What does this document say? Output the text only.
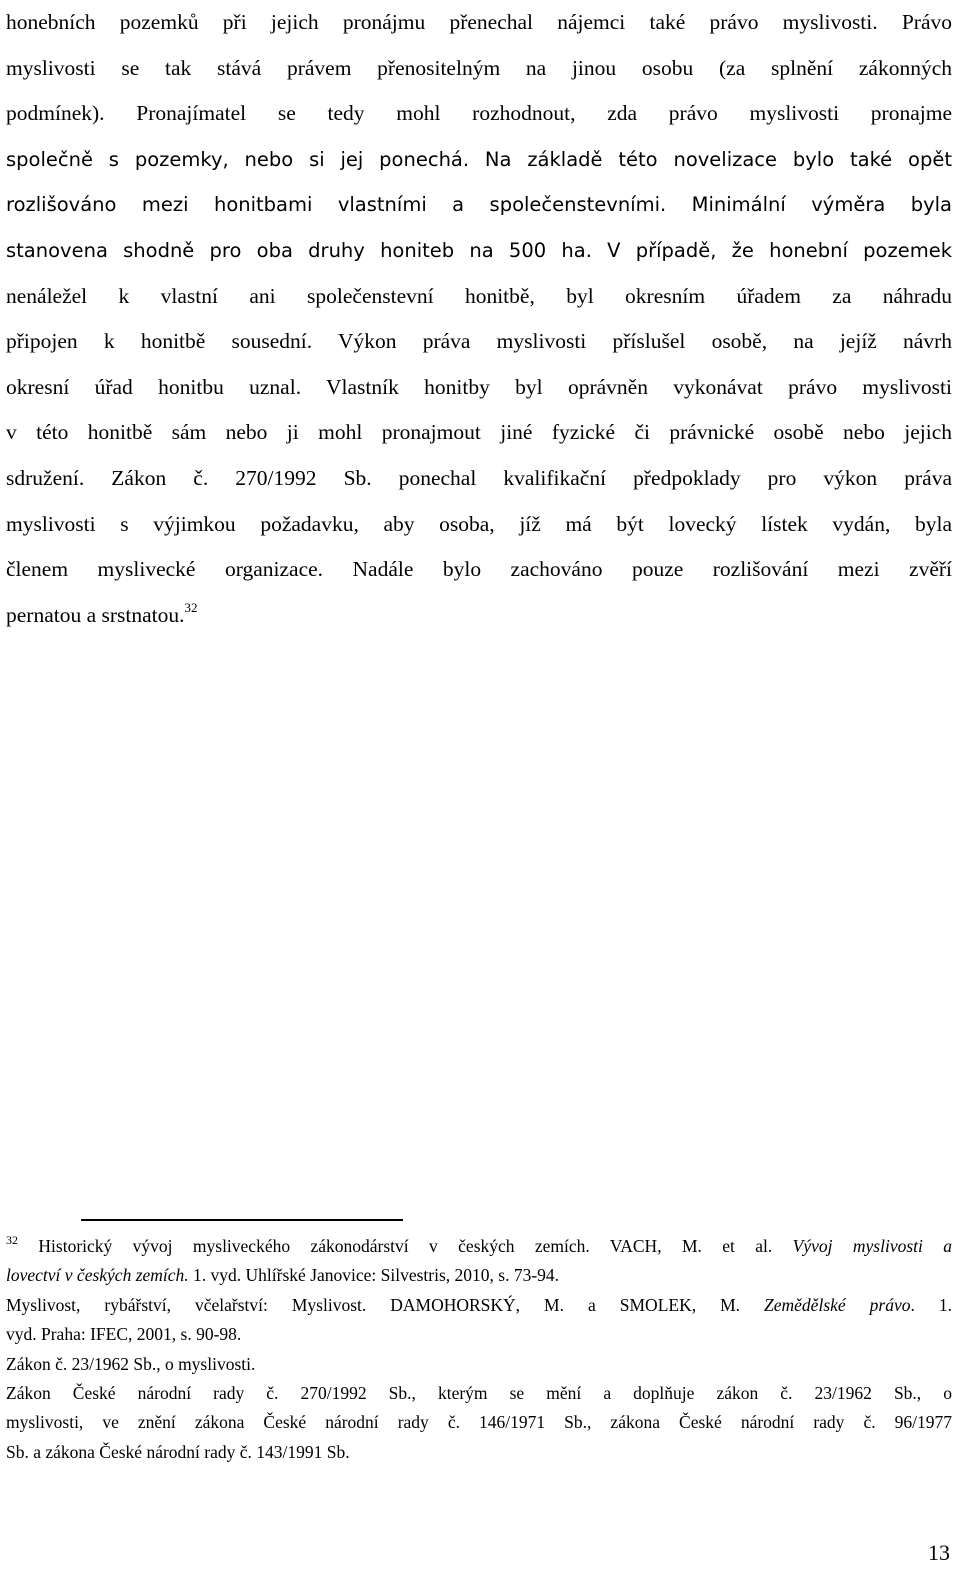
honebních pozemků při jejich pronájmu přenechal nájemci také právo myslivosti. Právo
myslivosti se tak stává právem přenositelným na jinou osobu (za splnění zákonných
podmínek). Pronajímatel se tedy mohl rozhodnout, zda právo myslivosti pronajme
společně s pozemky, nebo si jej ponechá. Na základě této novelizace bylo také opět
rozlišováno mezi honitbami vlastními a společenstevními. Minimální výměra byla
stanovena shodně pro oba druhy honiteb na 500 ha. V případě, že honební pozemek
nenáležel k vlastní ani společenstevní honitbě, byl okresním úřadem za náhradu
připojen k honitbě sousední. Výkon práva myslivosti příslušel osobě, na jejíž návrh
okresní úřad honitbu uznal. Vlastník honitby byl oprávněn vykonávat právo myslivosti
v této honitbě sám nebo ji mohl pronajmout jiné fyzické či právnické osobě nebo jejich
sdružení. Zákon č. 270/1992 Sb. ponechal kvalifikační předpoklady pro výkon práva
myslivosti s výjimkou požadavku, aby osoba, jíž má být lovecký lístek vydán, byla
členem myslivecké organizace. Nadále bylo zachováno pouze rozlišování mezi zvěří
pernatou a srstnatou.$^{32}$
$^{32}$ Historický vývoj mysliveckého zákonodárství v českých zemích. VACH, M. et al. Vývoj myslivosti a
lovectví v českých zemích. 1. vyd. Uhlířské Janovice: Silvestris, 2010, s. 73-94.
Myslivost, rybářství, včelařství: Myslivost. DAMOHORSKÝ, M. a SMOLEK, M. Zemědělské právo. 1.
vyd. Praha: IFEC, 2001, s. 90-98.
Zákon č. 23/1962 Sb., o myslivosti.
Zákon České národní rady č. 270/1992 Sb., kterým se mění a doplňuje zákon č. 23/1962 Sb., o
myslivosti, ve znění zákona České národní rady č. 146/1971 Sb., zákona České národní rady č. 96/1977
Sb. a zákona České národní rady č. 143/1991 Sb.
13
